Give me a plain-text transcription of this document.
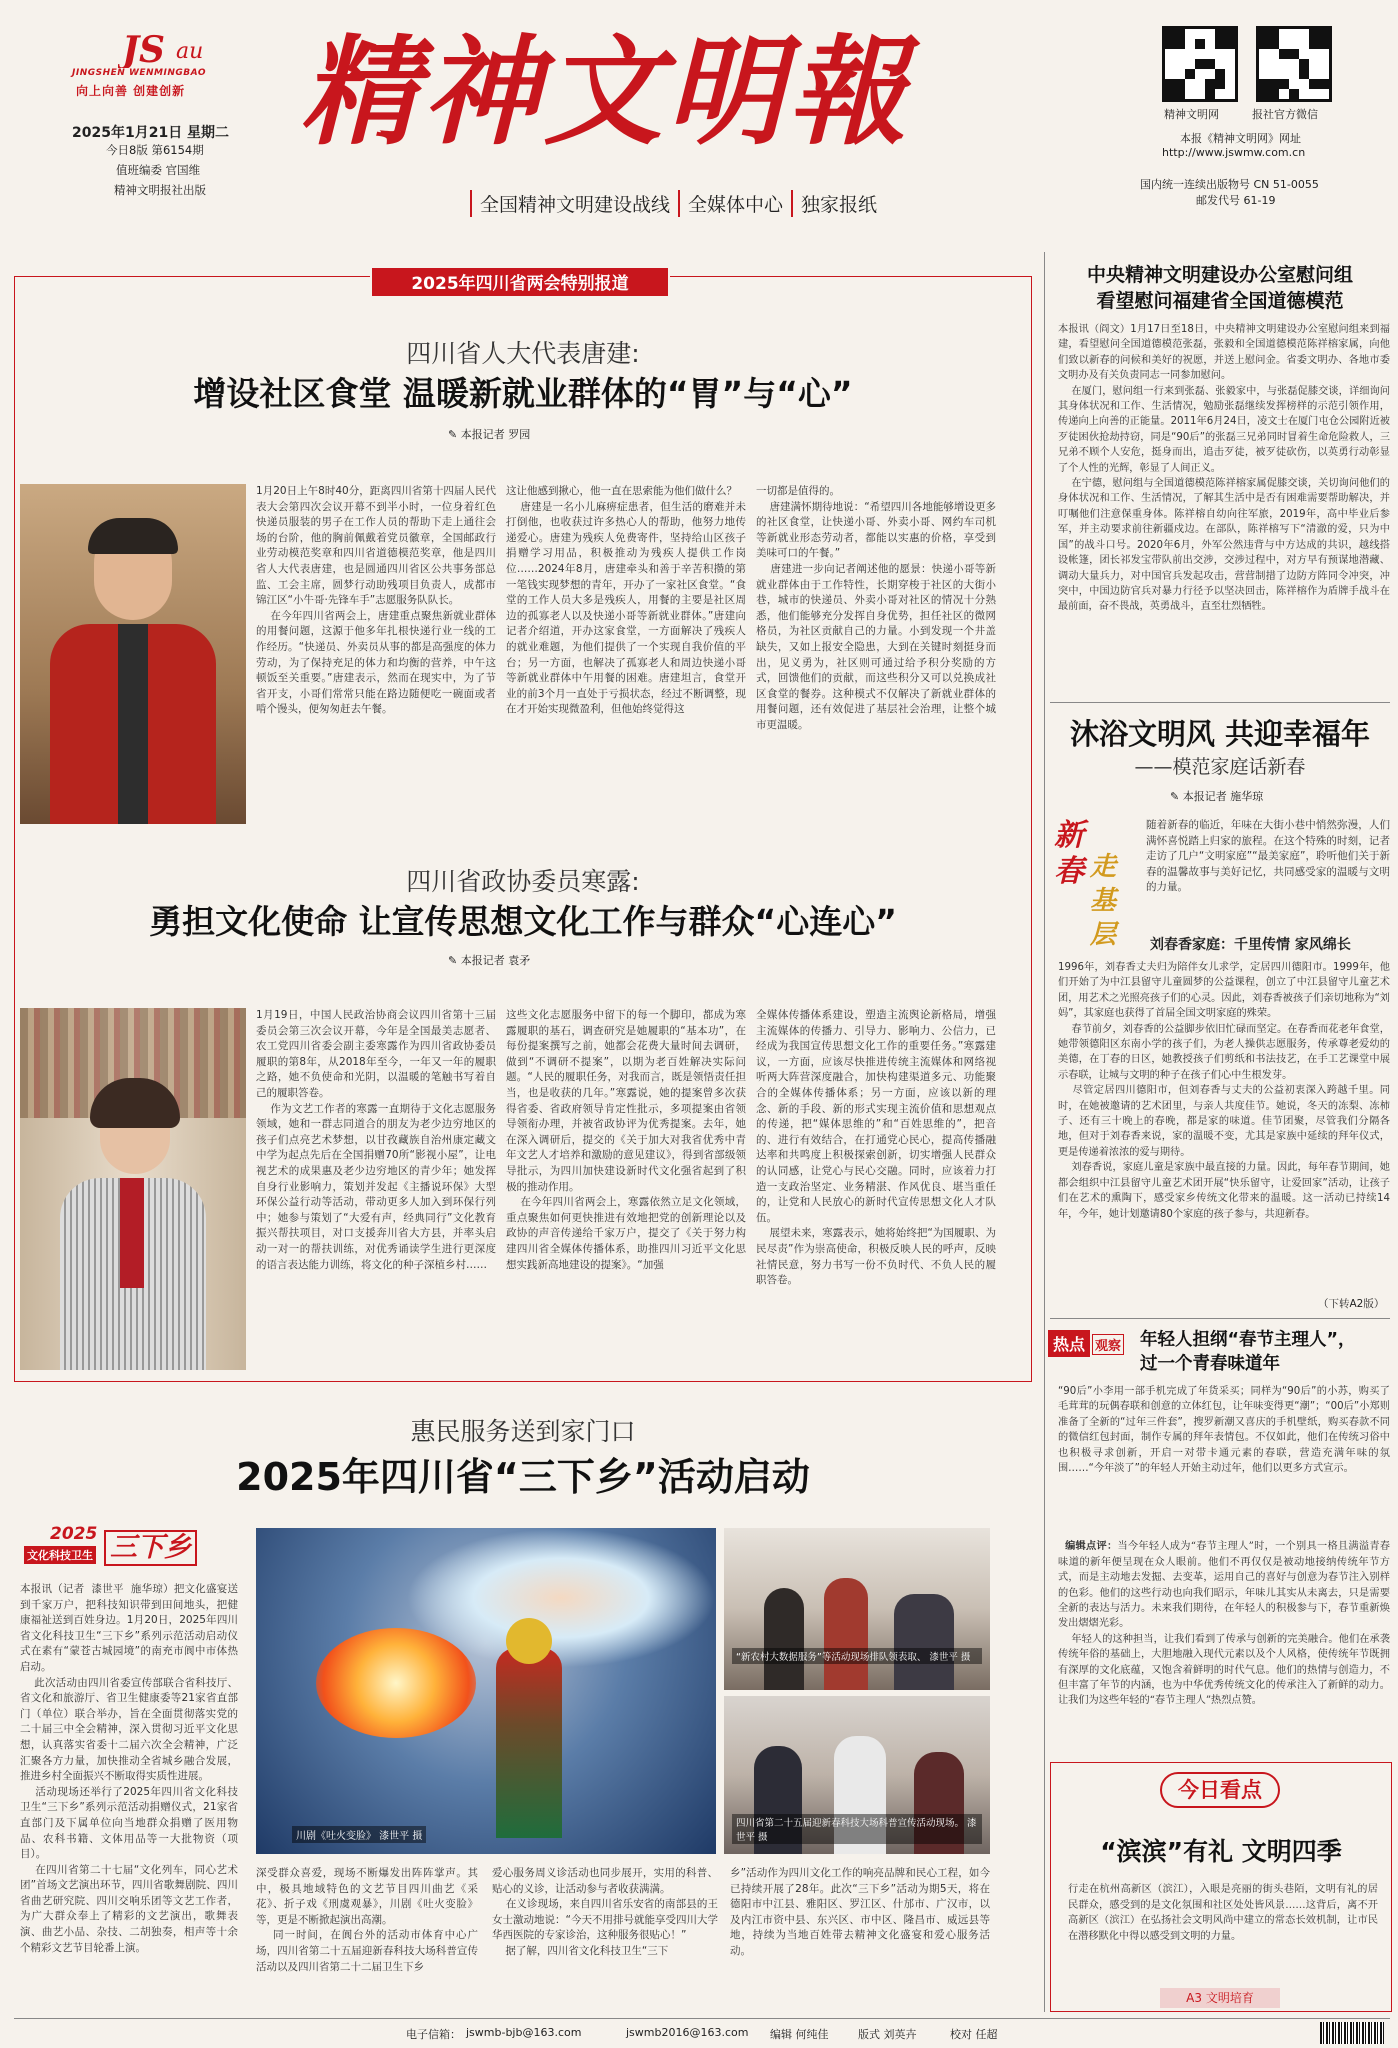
JS au
JINGSHEN WENMINGBAO
向上向善 创建创新
2025年1月21日 星期二
今日8版 第6154期
值班编委 官国维
精神文明报社出版
精神文明報
全国精神文明建设战线 全媒体中心 独家报纸
精神文明网	报社官方微信
本报《精神文明网》网址
http://www.jswmw.com.cn
国内统一连续出版物号 CN 51-0055
邮发代号 61-19
2025年四川省两会特别报道
四川省人大代表唐建:
增设社区食堂 温暖新就业群体的“胃”与“心”
✎ 本报记者 罗园
1月20日上午8时40分，距离四川省第十四届人民代表大会第四次会议开幕不到半小时，一位身着红色快递员服装的男子在工作人员的帮助下走上通往会场的台阶，他的胸前佩戴着党员徽章，全国邮政行业劳动模范奖章和四川省道德模范奖章，他是四川省人大代表唐建，也是圆通四川省区公共事务部总监、工会主席，圆梦行动助残项目负责人，成都市锦江区“小牛哥·先锋车手”志愿服务队队长。
在今年四川省两会上，唐建重点聚焦新就业群体的用餐问题，这源于他多年扎根快递行业一线的工作经历。“快递员、外卖员从事的都是高强度的体力劳动，为了保持充足的体力和均衡的营养，中午这顿饭至关重要。”唐建表示，然而在现实中，为了节省开支，小哥们常常只能在路边随便吃一碗面或者啃个馒头，便匆匆赶去午餐。
这让他感到揪心，他一直在思索能为他们做什么？
唐建是一名小儿麻痹症患者，但生活的磨难并未打倒他，也收获过许多热心人的帮助，他努力地传递爱心。唐建为残疾人免费寄件，坚持给山区孩子捐赠学习用品，积极推动为残疾人提供工作岗位……2024年8月，唐建牵头和善于辛苦积攒的第一笔钱实现梦想的青年，开办了一家社区食堂。“食堂的工作人员大多是残疾人，用餐的主要是社区周边的孤寡老人以及快递小哥等新就业群体。”唐建向记者介绍道，开办这家食堂，一方面解决了残疾人的就业难题，为他们提供了一个实现自我价值的平台；另一方面，也解决了孤寡老人和周边快递小哥等新就业群体中午用餐的困难。唐建坦言，食堂开业的前3个月一直处于亏损状态，经过不断调整，现在才开始实现微盈利，但他始终觉得这
一切都是值得的。
唐建满怀期待地说：“希望四川各地能够增设更多的社区食堂，让快递小哥、外卖小哥、网约车司机等新就业形态劳动者，都能以实惠的价格，享受到美味可口的午餐。”
唐建进一步向记者阐述他的愿景：快递小哥等新就业群体由于工作特性，长期穿梭于社区的大街小巷，城市的快递员、外卖小哥对社区的情况十分熟悉，他们能够充分发挥自身优势，担任社区的微网格员，为社区贡献自己的力量。小到发现一个井盖缺失，又如上报安全隐患，大到在关键时刻挺身而出，见义勇为，社区则可通过给予积分奖励的方式，回馈他们的贡献，而这些积分又可以兑换成社区食堂的餐券。这种模式不仅解决了新就业群体的用餐问题，还有效促进了基层社会治理，让整个城市更温暖。
四川省政协委员寒露:
勇担文化使命 让宣传思想文化工作与群众“心连心”
✎ 本报记者 袁矛
1月19日，中国人民政治协商会议四川省第十三届委员会第三次会议开幕，今年是全国最美志愿者、农工党四川省委会副主委寒露作为四川省政协委员履职的第8年，从2018年至今，一年又一年的履职之路，她不负使命和光阴，以温暖的笔触书写着自己的履职答卷。
作为文艺工作者的寒露一直期待于文化志愿服务领域，她和一群志同道合的朋友为老少边穷地区的孩子们点亮艺术梦想，以甘孜藏族自治州康定藏文中学为起点先后在全国捐赠70所“影视小屋”，让电视艺术的成果惠及老少边穷地区的青少年；她发挥自身行业影响力，策划并发起《主播说环保》大型环保公益行动等活动，带动更多人加入到环保行列中；她参与策划了“大爱有声，经典同行”文化教育振兴帮扶项目，对口支援奔川省大方县，并率头启动一对一的帮扶训练，对优秀诵读学生进行更深度的语言表达能力训练，将文化的种子深植乡村……
这些文化志愿服务中留下的每一个脚印，都成为寒露履职的基石，调查研究是她履职的“基本功”，在每份提案撰写之前，她都会花费大量时间去调研，做到“不调研不提案”，以期为老百姓解决实际问题。“人民的履职任务，对我而言，既是领悟责任担当，也是收获的几年。”寒露说，她的提案曾多次获得省委、省政府领导肯定性批示，多项提案由省领导领衔办理，并被省政协评为优秀提案。去年，她在深入调研后，提交的《关于加大对我省优秀中青年文艺人才培养和激励的意见建议》，得到省部级领导批示，为四川加快建设新时代文化强省起到了积极的推动作用。
在今年四川省两会上，寒露依然立足文化领域，重点聚焦如何更快推进有效地把党的创新理论以及政协的声音传递给千家万户，提交了《关于努力构建四川省全媒体传播体系，助推四川习近平文化思想实践新高地建设的提案》。“加强
全媒体传播体系建设，塑造主流舆论新格局，增强主流媒体的传播力、引导力、影响力、公信力，已经成为我国宣传思想文化工作的重要任务。”寒露建议，一方面，应该尽快推进传统主流媒体和网络视听两大阵营深度融合，加快构建渠道多元、功能聚合的全媒体传播体系；另一方面，应该以新的理念、新的手段、新的形式实现主流价值和思想观点的传递，把“媒体思维的”和“百姓思维的”，把音的、进行有效结合，在打通党心民心，提高传播融达率和共鸣度上积极探索创新，切实增强人民群众的认同感，让党心与民心交融。同时，应该着力打造一支政治坚定、业务精湛、作风优良、堪当重任的，让党和人民放心的新时代宣传思想文化人才队伍。
展望未来，寒露表示，她将始终把“为国履职、为民尽责”作为崇高使命，积极反映人民的呼声，反映社情民意，努力书写一份不负时代、不负人民的履职答卷。
惠民服务送到家门口
2025年四川省“三下乡”活动启动
2025
文化科技卫生 三下乡
本报讯（记者  漆世平  施华琼）把文化盛宴送到千家万户，把科技知识带到田间地头，把健康福祉送到百姓身边。1月20日，2025年四川省文化科技卫生“三下乡”系列示范活动启动仪式在素有“蒙苍古城园境”的南充市阆中市体热启动。
此次活动由四川省委宣传部联合省科技厅、省文化和旅游厅、省卫生健康委等21家省直部门（单位）联合举办，旨在全面贯彻落实党的二十届三中全会精神，深入贯彻习近平文化思想，认真落实省委十二届六次全会精神，广泛汇聚各方力量，加快推动全省城乡融合发展，推进乡村全面振兴不断取得实质性进展。
活动现场还举行了2025年四川省文化科技卫生“三下乡”系列示范活动捐赠仪式，21家省直部门及下属单位向当地群众捐赠了医用物品、农科书籍、文体用品等一大批物资（项目）。
在四川省第二十七届“文化列车，同心艺术团”首场文艺演出环节，四川省歌舞剧院、四川省曲艺研究院、四川交响乐团等文艺工作者，为广大群众奉上了精彩的文艺演出，歌舞表演、曲艺小品、杂技、二胡独奏，相声等十余个精彩文艺节目轮番上演。
川剧《吐火变脸》 漆世平 摄
“新农村大数据服务”等活动现场排队领表取、 漆世平 摄
四川省第二十五届迎新春科技大场科普宣传活动现场。 漆世平 摄
深受群众喜爱，现场不断爆发出阵阵掌声。其中，极具地域特色的文艺节目四川曲艺《采花》、折子戏《刑虞观暴》，川剧《吐火变脸》等，更是不断掀起演出高潮。
同一时间，在阆台外的活动市体育中心广场，四川省第二十五届迎新春科技大场科普宣传活动以及四川省第二十二届卫生下乡
爱心服务周义诊活动也同步展开，实用的科普、贴心的义诊，让活动参与者收获满满。
在义诊现场，来自四川省乐安省的南部县的王女士激动地说：“今天不用排号就能享受四川大学华西医院的专家诊治，这种服务很贴心！”
据了解，四川省文化科技卫生“三下
乡”活动作为四川文化工作的响亮品牌和民心工程，如今已持续开展了28年。此次“三下乡”活动为期5天，将在德阳市中江县、雅阳区、罗江区、什邡市、广汉市，以及内江市资中县、东兴区、市中区、隆昌市、威远县等地，持续为当地百姓带去精神文化盛宴和爱心服务活动。
中央精神文明建设办公室慰问组
看望慰问福建省全国道德模范
本报讯（阎文）1月17日至18日，中央精神文明建设办公室慰问组来到福建，看望慰问全国道德模范张磊，张毅和全国道德模范陈祥榕家属，向他们致以新春的问候和美好的祝愿，并送上慰问金。省委文明办、各地市委文明办及有关负责同志一同参加慰问。
在厦门，慰问组一行来到张磊、张毅家中，与张磊促膝交谈，详细询问其身体状况和工作、生活情况，勉励张磊继续发挥榜样的示范引领作用，传递向上向善的正能量。2011年6月24日，凌文士在厦门屯仓公园附近被歹徒困伙抢劫持窃，同是“90后”的张磊三兄弟同时冒着生命危险救人，三兄弟不顾个人安危，挺身而出，追击歹徒，被歹徒砍伤，以英勇行动彰显了个人性的光辉，彰显了人间正义。
在宁德，慰问组与全国道德模范陈祥榕家属促膝交谈，关切询问他们的身体状况和工作、生活情况，了解其生活中是否有困难需要帮助解决，并叮嘱他们注意保重身体。陈祥榕自幼向往军旅，2019年，高中毕业后参军，并主动要求前往新疆戍边。在部队，陈祥榕写下“清澈的爱，只为中国”的战斗口号。2020年6月，外军公然违背与中方达成的共识，越线搭设帐篷，团长祁发宝带队前出交涉，交涉过程中，对方早有预谋地潜藏、调动大量兵力，对中国官兵发起攻击，营营制措了边防方阵同令冲突，冲突中，中国边防官兵对暴力行径予以坚决回击，陈祥榕作为盾牌手战斗在最前面，奋不畏战，英勇战斗，直至壮烈牺牲。
沐浴文明风 共迎幸福年
——模范家庭话新春
✎ 本报记者 施华琼
新春 走基层
随着新春的临近，年味在大街小巷中悄然弥漫，人们满怀喜悦踏上归家的旅程。在这个特殊的时刻，记者走访了几户“文明家庭”“最美家庭”，聆听他们关于新春的温馨故事与美好记忆，共同感受家的温暖与文明的力量。
刘春香家庭：千里传情 家风绵长
1996年，刘春香丈夫归为陪伴女儿求学，定居四川德阳市。1999年，他们开始了为中江县留守儿童圆梦的公益课程，创立了中江县留守儿童艺术团，用艺术之光照亮孩子们的心灵。因此，刘春香被孩子们亲切地称为“刘妈”，其家庭也获得了首届全国文明家庭的殊荣。
春节前夕，刘春香的公益脚步依旧忙碌而坚定。在春香而花老年食堂，她带领德阳区东南小学的孩子们，为老人操供志愿服务，传承尊老爱幼的美德，在丁春的日区，她教授孩子们剪纸和书法技艺，在手工艺课堂中展示春联，让城与文明的种子在孩子们心中生根发芽。
尽管定居四川德阳市，但刘春香与丈夫的公益初衷深入跨越千里。同时，在她被邀请的艺术团里，与亲人共度佳节。她说，冬天的冻梨、冻柿子、还有三十晚上的春晚，都是家的味道。佳节团聚，尽管我们分隔各地，但对于刘春香来说，家的温暖不变，尤其是家族中延续的拜年仪式，更是传递着浓浓的爱与期待。
刘春香说，家庭儿童是家族中最直接的力量。因此，每年春节期间，她都会组织中江县留守儿童艺术团开展“快乐留守，让爱回家”活动，让孩子们在艺术的熏陶下，感受家乡传统文化带来的温暖。这一活动已持续14年，今年，她计划邀请80个家庭的孩子参与，共迎新春。
（下转A2版）
热点 观察 年轻人担纲“春节主理人”，
过一个青春味道年
“90后”小李用一部手机完成了年货采买；同样为“90后”的小苏，购买了毛茸茸的玩偶春联和创意的立体红包，让年味变得更“潮”；“00后”小郑则准备了全新的“过年三件套”，搜罗新潮又喜庆的手机壁纸，购买春款不同的微信红包封面，制作专属的拜年表情包。不仅如此，他们在传统习俗中也积极寻求创新，开启一对带卡通元素的春联，营造充满年味的氛围……“今年淡了”的年轻人开始主动过年，他们以更多方式宣示。

编辑点评：当今年轻人成为“春节主理人”时，一个别具一格且满溢青春味道的新年便呈现在众人眼前。他们不再仅仅是被动地接纳传统年节方式，而是主动地去发掘、去变革，运用自己的喜好与创意为春节注入别样的色彩。他们的这些行动也向我们昭示，年味儿其实从未离去，只是需要全新的表达与活力。未来我们期待，在年轻人的积极参与下，春节重新焕发出熠熠光彩。
年轻人的这种担当，让我们看到了传承与创新的完美融合。他们在承袭传统年俗的基础上，大胆地融入现代元素以及个人风格，使传统年节既拥有深厚的文化底蕴，又饱含着鲜明的时代气息。他们的热情与创造力，不但丰富了年节的内涵，也为中华优秀传统文化的传承注入了新鲜的动力。让我们为这些年轻的“春节主理人”热烈点赞。

今日看点
“滨滨”有礼 文明四季
行走在杭州高新区（滨江），入眼是亮丽的街头巷陌，文明有礼的居民群众，感受到的是文化氛围和社区处处皆风景……这背后，离不开高新区（滨江）在弘扬社会文明风尚中建立的常态长效机制，让市民在潜移默化中得以感受到文明的力量。
A3 文明培育
电子信箱： jswmb-bjb@163.com	jswmb2016@163.com 编辑 何纯佳	版式 刘英卉	校对 任超
